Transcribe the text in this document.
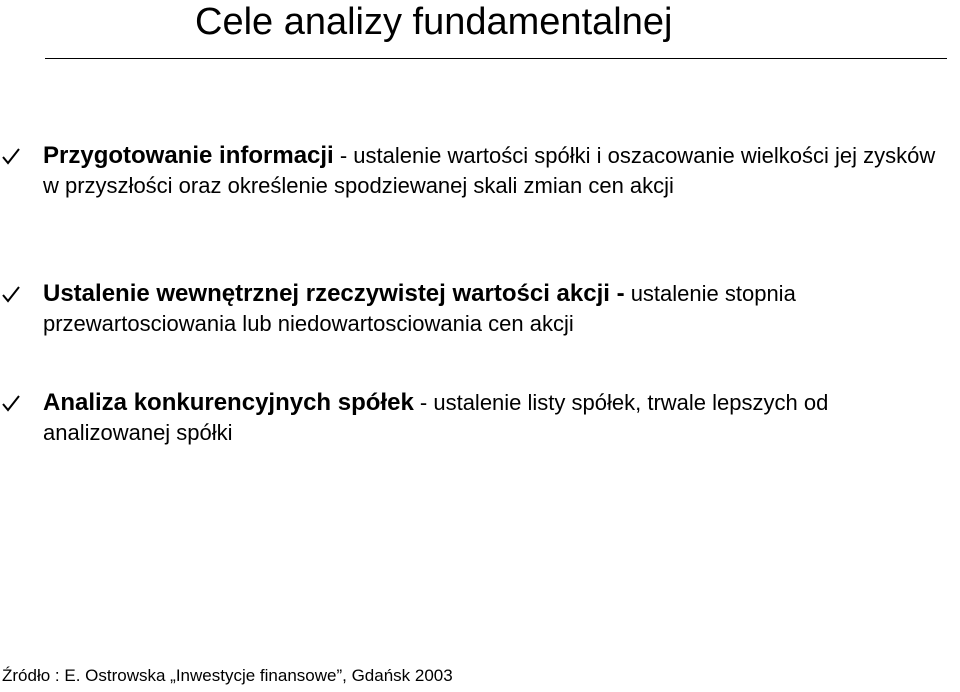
Cele analizy fundamentalnej

Przygotowanie informacji - ustalenie wartości spółki i oszacowanie wielkości jej zysków w przyszłości oraz określenie spodziewanej skali zmian cen akcji

Ustalenie wewnętrznej rzeczywistej wartości akcji - ustalenie stopnia przewartosciowania lub niedowartosciowania cen akcji

Analiza konkurencyjnych spółek - ustalenie listy spółek, trwale lepszych od analizowanej spółki

Źródło : E. Ostrowska „Inwestycje finansowe”, Gdańsk 2003
